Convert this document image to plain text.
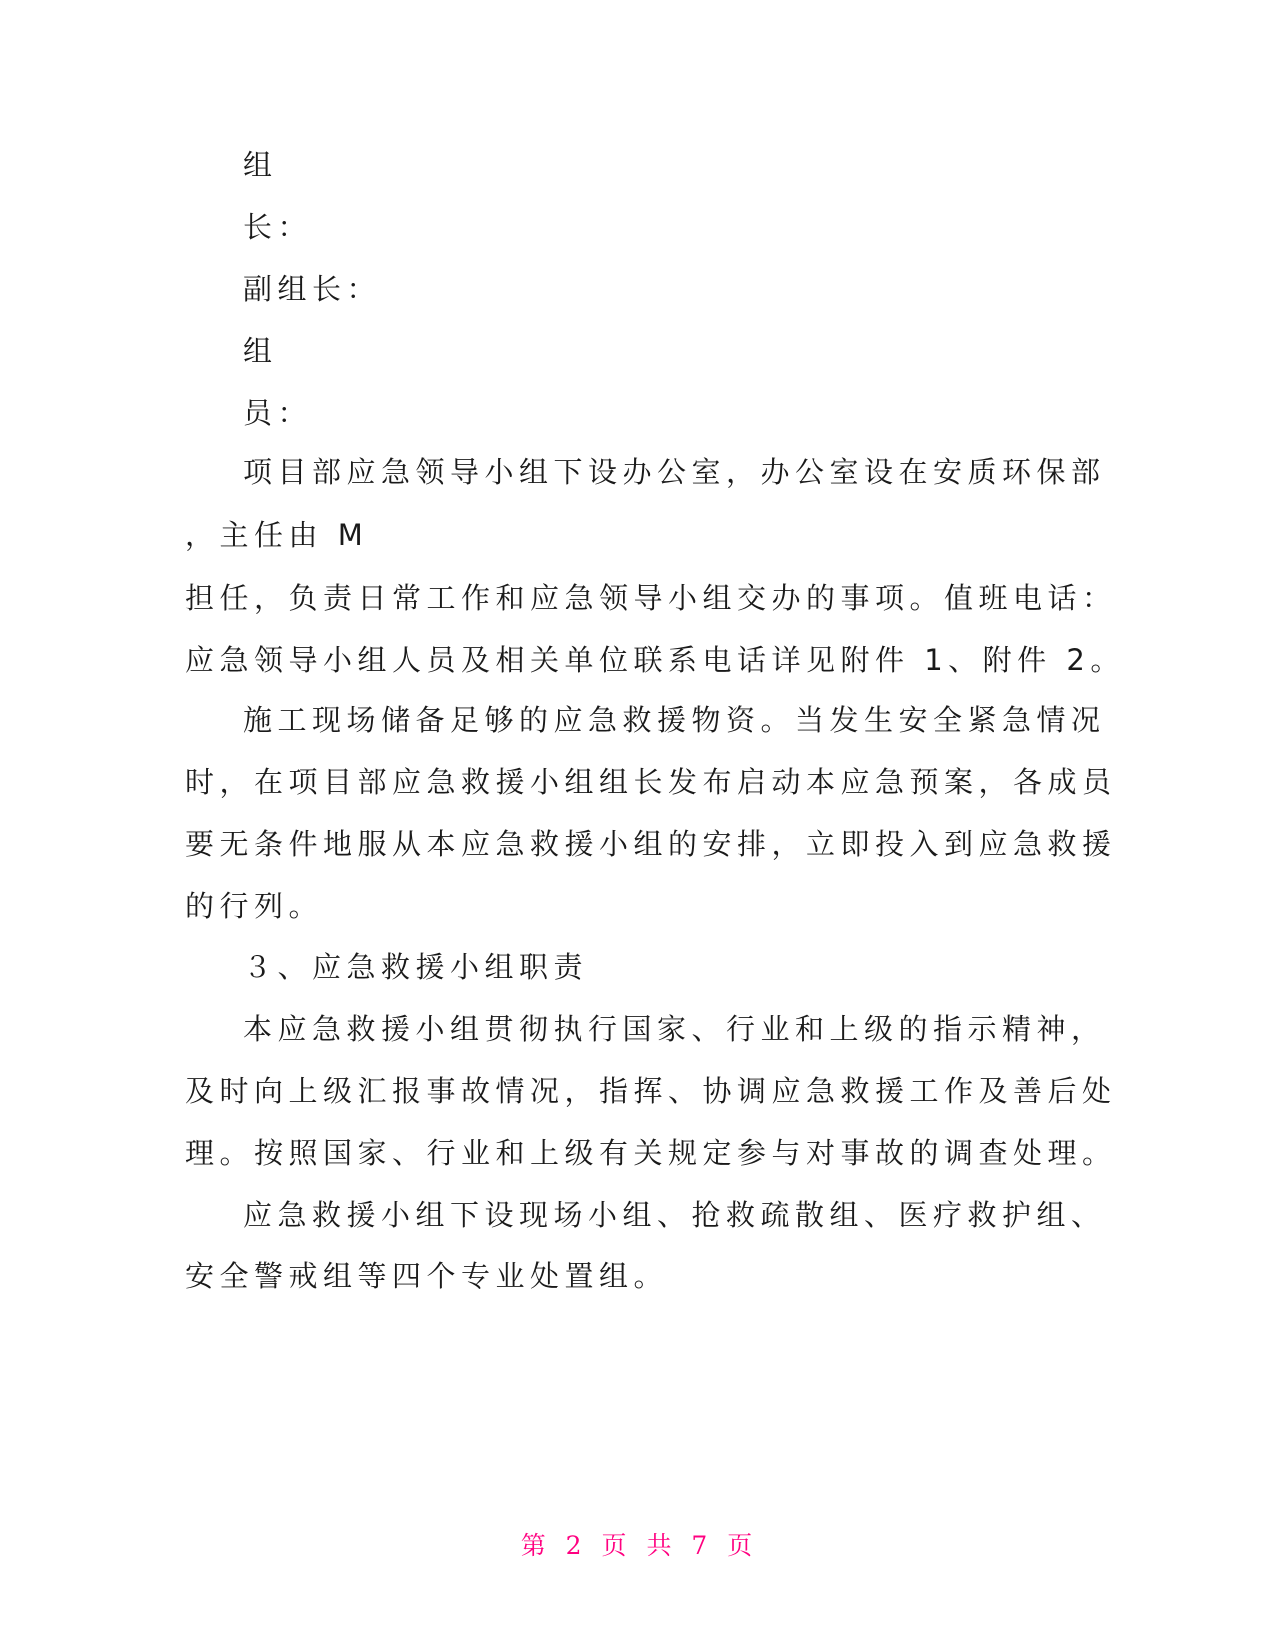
组
长：
副组长：
组
员：
项目部应急领导小组下设办公室，办公室设在安质环保部
，主任由 M
担任，负责日常工作和应急领导小组交办的事项。值班电话：
应急领导小组人员及相关单位联系电话详见附件 1、附件 2。
施工现场储备足够的应急救援物资。当发生安全紧急情况
时，在项目部应急救援小组组长发布启动本应急预案，各成员
要无条件地服从本应急救援小组的安排，立即投入到应急救援
的行列。
３、应急救援小组职责
本应急救援小组贯彻执行国家、行业和上级的指示精神，
及时向上级汇报事故情况，指挥、协调应急救援工作及善后处
理。按照国家、行业和上级有关规定参与对事故的调查处理。
应急救援小组下设现场小组、抢救疏散组、医疗救护组、
安全警戒组等四个专业处置组。
第 2 页 共 7 页
